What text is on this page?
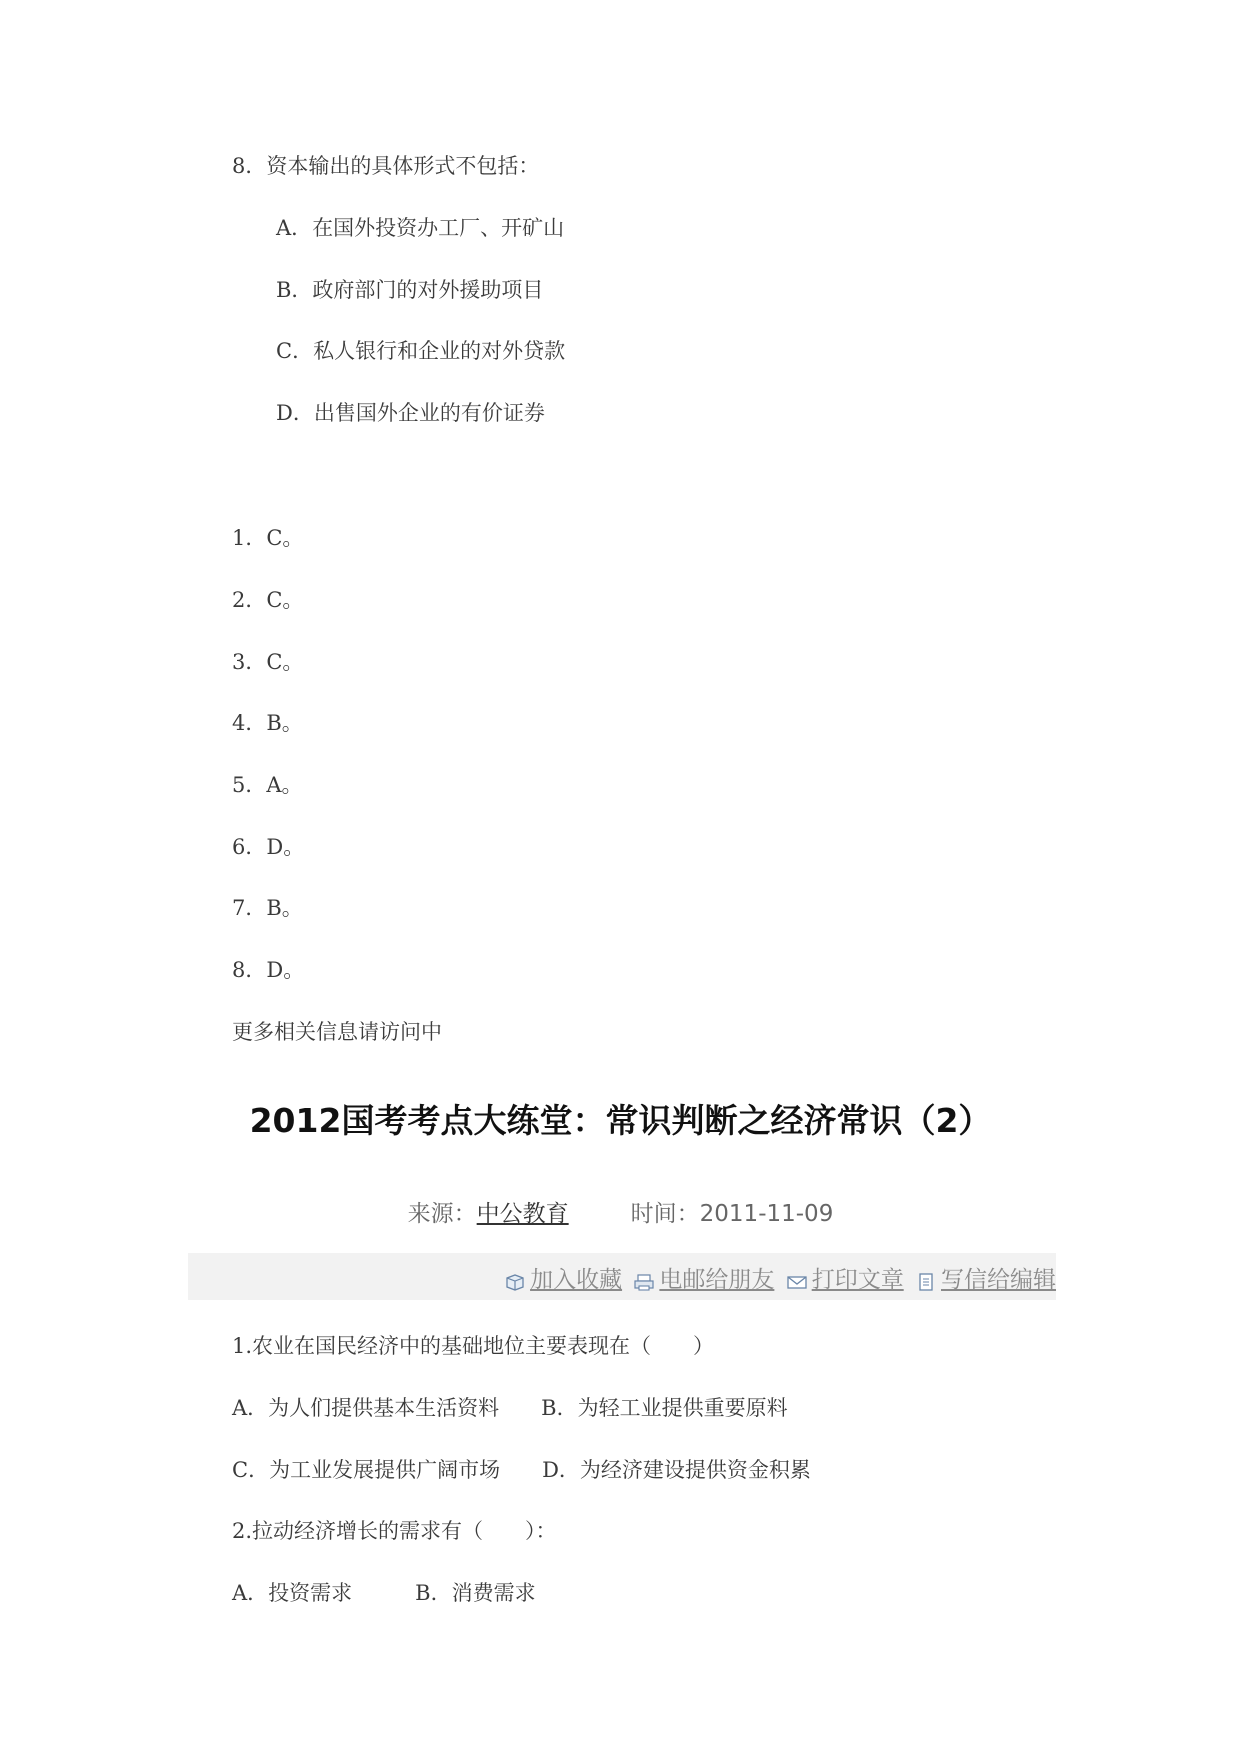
8．资本输出的具体形式不包括：
A．在国外投资办工厂、开矿山
B．政府部门的对外援助项目
C．私人银行和企业的对外贷款
D．出售国外企业的有价证券
1．C。
2．C。
3．C。
4．B。
5．A。
6．D。
7．B。
8．D。
更多相关信息请访问中
2012国考考点大练堂：常识判断之经济常识（2）
来源：中公教育	时间：2011-11-09
加入收藏 电邮给朋友 打印文章 写信给编辑
1.农业在国民经济中的基础地位主要表现在（　　）
A．为人们提供基本生活资料　　B．为轻工业提供重要原料
C．为工业发展提供广阔市场　　D．为经济建设提供资金积累
2.拉动经济增长的需求有（　　）：
A．投资需求　　　B．消费需求
